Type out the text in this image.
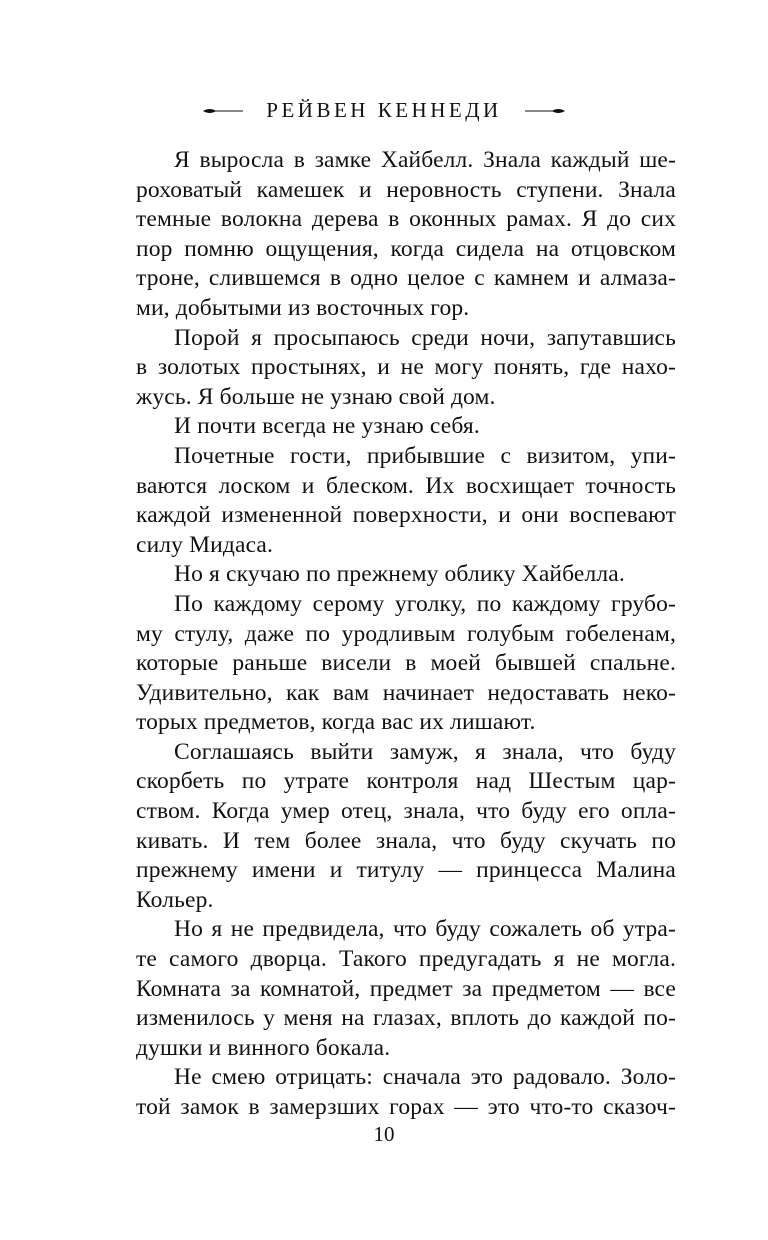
РЕЙВЕН КЕННЕДИ
Я выросла в замке Хайбелл. Знала каждый ше-
роховатый камешек и неровность ступени. Знала
темные волокна дерева в оконных рамах. Я до сих
пор помню ощущения, когда сидела на отцовском
троне, слившемся в одно целое с камнем и алмаза-
ми, добытыми из восточных гор.
Порой я просыпаюсь среди ночи, запутавшись
в золотых простынях, и не могу понять, где нахо-
жусь. Я больше не узнаю свой дом.
И почти всегда не узнаю себя.
Почетные гости, прибывшие с визитом, упи-
ваются лоском и блеском. Их восхищает точность
каждой измененной поверхности, и они воспевают
силу Мидаса.
Но я скучаю по прежнему облику Хайбелла.
По каждому серому уголку, по каждому грубо-
му стулу, даже по уродливым голубым гобеленам,
которые раньше висели в моей бывшей спальне.
Удивительно, как вам начинает недоставать неко-
торых предметов, когда вас их лишают.
Соглашаясь выйти замуж, я знала, что буду
скорбеть по утрате контроля над Шестым цар-
ством. Когда умер отец, знала, что буду его опла-
кивать. И тем более знала, что буду скучать по
прежнему имени и титулу — принцесса Малина
Кольер.
Но я не предвидела, что буду сожалеть об утра-
те самого дворца. Такого предугадать я не могла.
Комната за комнатой, предмет за предметом — все
изменилось у меня на глазах, вплоть до каждой по-
душки и винного бокала.
Не смею отрицать: сначала это радовало. Золо-
той замок в замерзших горах — это что-то сказоч-
10
